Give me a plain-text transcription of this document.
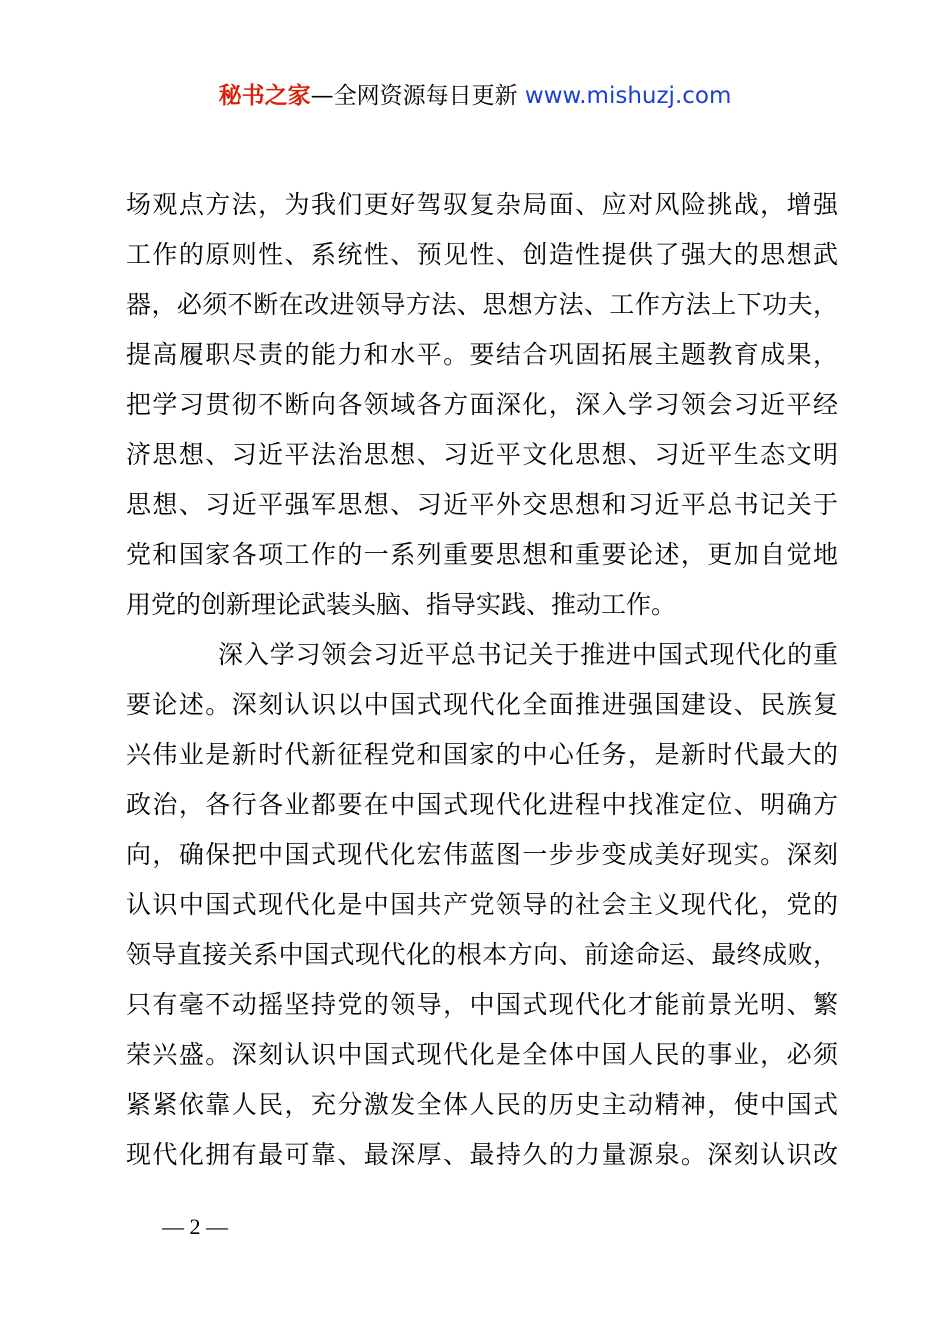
秘书之家—全网资源每日更新 www.mishuzj.com
场观点方法，为我们更好驾驭复杂局面、应对风险挑战，增强
工作的原则性、系统性、预见性、创造性提供了强大的思想武
器，必须不断在改进领导方法、思想方法、工作方法上下功夫，
提高履职尽责的能力和水平。要结合巩固拓展主题教育成果，
把学习贯彻不断向各领域各方面深化，深入学习领会习近平经
济思想、习近平法治思想、习近平文化思想、习近平生态文明
思想、习近平强军思想、习近平外交思想和习近平总书记关于
党和国家各项工作的一系列重要思想和重要论述，更加自觉地
用党的创新理论武装头脑、指导实践、推动工作。
深入学习领会习近平总书记关于推进中国式现代化的重
要论述。深刻认识以中国式现代化全面推进强国建设、民族复
兴伟业是新时代新征程党和国家的中心任务，是新时代最大的
政治，各行各业都要在中国式现代化进程中找准定位、明确方
向，确保把中国式现代化宏伟蓝图一步步变成美好现实。深刻
认识中国式现代化是中国共产党领导的社会主义现代化，党的
领导直接关系中国式现代化的根本方向、前途命运、最终成败，
只有毫不动摇坚持党的领导，中国式现代化才能前景光明、繁
荣兴盛。深刻认识中国式现代化是全体中国人民的事业，必须
紧紧依靠人民，充分激发全体人民的历史主动精神，使中国式
现代化拥有最可靠、最深厚、最持久的力量源泉。深刻认识改
— 2 —
